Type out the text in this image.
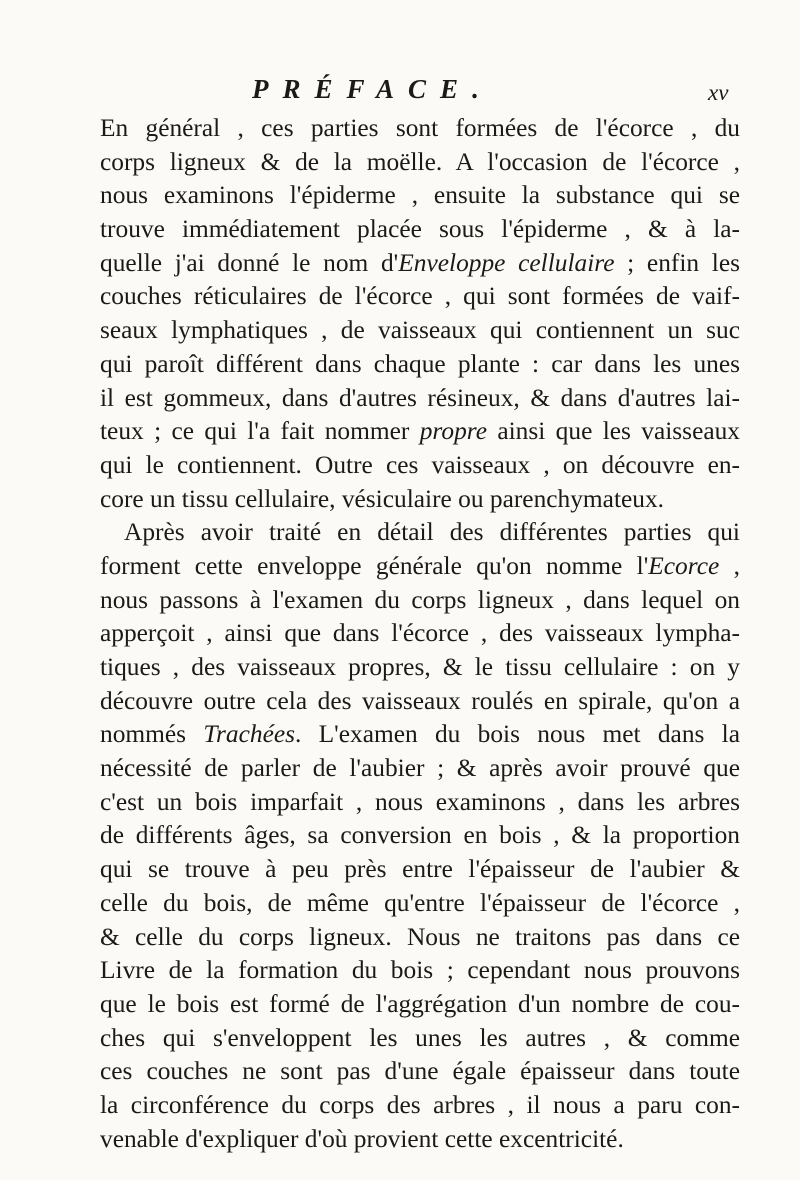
PRÉFACE.	xv
En général , ces parties sont formées de l'écorce , du
corps ligneux & de la moëlle. A l'occasion de l'écorce ,
nous examinons l'épiderme , ensuite la substance qui se
trouve immédiatement placée sous l'épiderme , & à la-
quelle j'ai donné le nom d'Enveloppe cellulaire ; enfin les
couches réticulaires de l'écorce , qui sont formées de vaif-
seaux lymphatiques , de vaisseaux qui contiennent un suc
qui paroît différent dans chaque plante : car dans les unes
il est gommeux, dans d'autres résineux, & dans d'autres lai-
teux ; ce qui l'a fait nommer propre ainsi que les vaisseaux
qui le contiennent. Outre ces vaisseaux , on découvre en-
core un tissu cellulaire, vésiculaire ou parenchymateux.
Après avoir traité en détail des différentes parties qui
forment cette enveloppe générale qu'on nomme l'Ecorce ,
nous passons à l'examen du corps ligneux , dans lequel on
apperçoit , ainsi que dans l'écorce , des vaisseaux lympha-
tiques , des vaisseaux propres, & le tissu cellulaire : on y
découvre outre cela des vaisseaux roulés en spirale, qu'on a
nommés Trachées. L'examen du bois nous met dans la
nécessité de parler de l'aubier ; & après avoir prouvé que
c'est un bois imparfait , nous examinons , dans les arbres
de différents âges, sa conversion en bois , & la proportion
qui se trouve à peu près entre l'épaisseur de l'aubier &
celle du bois, de même qu'entre l'épaisseur de l'écorce ,
& celle du corps ligneux. Nous ne traitons pas dans ce
Livre de la formation du bois ; cependant nous prouvons
que le bois est formé de l'aggrégation d'un nombre de cou-
ches qui s'enveloppent les unes les autres , & comme
ces couches ne sont pas d'une égale épaisseur dans toute
la circonférence du corps des arbres , il nous a paru con-
venable d'expliquer d'où provient cette excentricité.
